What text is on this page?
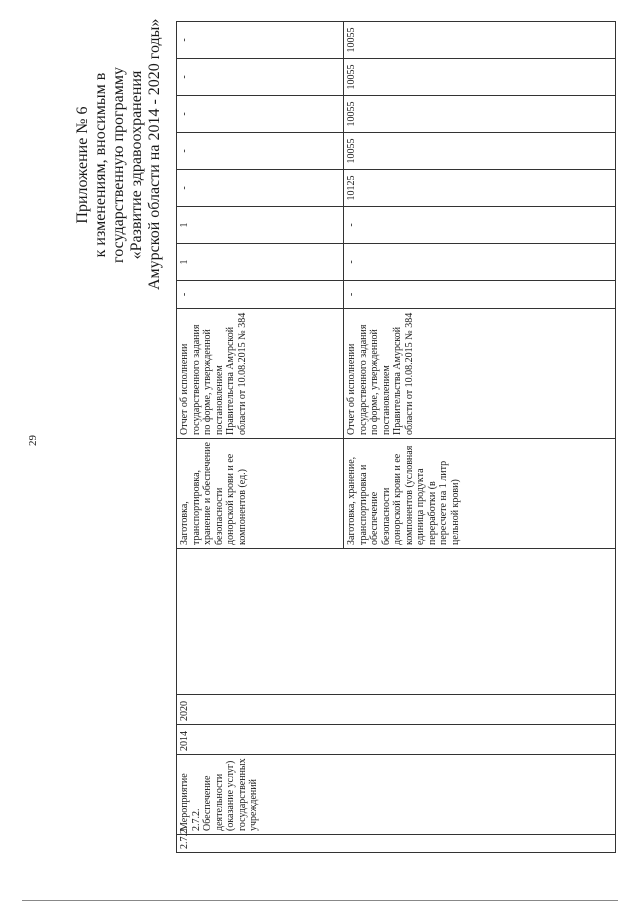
29
Приложение № 6 к изменениям, вносимым в государственную программу «Развитие здравоохранения Амурской области на 2014 - 2020 годы»
2.7.2.	Мероприятие 2.7.2. Обеспечение деятельности (оказание услуг) государственных учреждений	2014	2020		Заготовка, транспортировка, хранение и обеспечение безопасности донорской крови и ее компонентов (ед.)	Отчет об исполнении государственного задания по форме, утвержденной постановлением Правительства Амурской области от 10.08.2015 № 384	-	1	1	-	-	-	-	-
					Заготовка, хранение, транспортировка и обеспечение безопасности донорской крови и ее компонентов (условная единица продукта переработки (в пересчете на 1 литр цельной крови)	Отчет об исполнении государственного задания по форме, утвержденной постановлением Правительства Амурской области от 10.08.2015 № 384	-	-	-	10125	10055	10055	10055	10055
